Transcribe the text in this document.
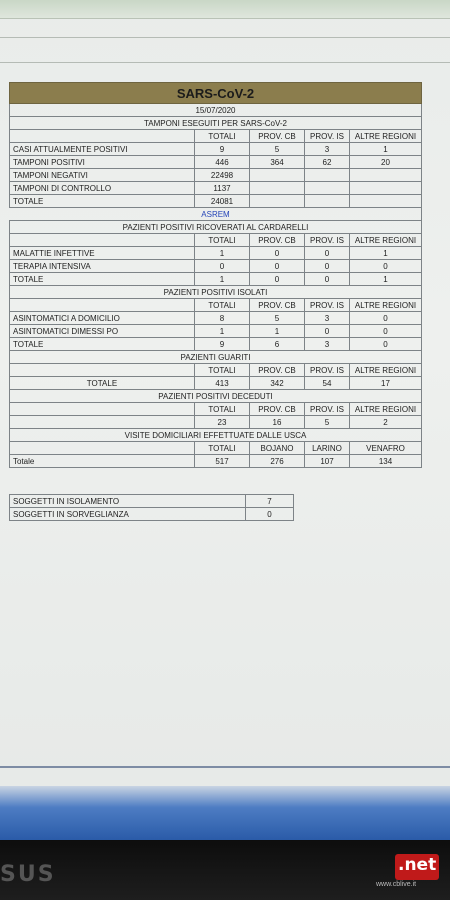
SARS-CoV-2				
15/07/2020				
TAMPONI ESEGUITI PER SARS-CoV-2				
	TOTALI	PROV. CB	PROV. IS	ALTRE REGIONI
CASI ATTUALMENTE POSITIVI	9	5	3	1
TAMPONI POSITIVI	446	364	62	20
TAMPONI NEGATIVI	22498			
TAMPONI DI CONTROLLO	1137			
TOTALE	24081			
ASREM				
PAZIENTI POSITIVI RICOVERATI AL CARDARELLI				
	TOTALI	PROV. CB	PROV. IS	ALTRE REGIONI
MALATTIE INFETTIVE	1	0	0	1
TERAPIA INTENSIVA	0	0	0	0
TOTALE	1	0	0	1
PAZIENTI POSITIVI ISOLATI				
	TOTALI	PROV. CB	PROV. IS	ALTRE REGIONI
ASINTOMATICI A DOMICILIO	8	5	3	0
ASINTOMATICI DIMESSI PO	1	1	0	0
TOTALE	9	6	3	0
PAZIENTI GUARITI				
	TOTALI	PROV. CB	PROV. IS	ALTRE REGIONI
TOTALE	413	342	54	17
PAZIENTI POSITIVI DECEDUTI				
	TOTALI	PROV. CB	PROV. IS	ALTRE REGIONI
	23	16	5	2
VISITE DOMICILIARI EFFETTUATE DALLE USCA				
	TOTALI	BOJANO	LARINO	VENAFRO
Totale	517	276	107	134
SOGGETTI IN ISOLAMENTO	7
SOGGETTI IN SORVEGLIANZA	0
SUS	.net
www.cblive.it
